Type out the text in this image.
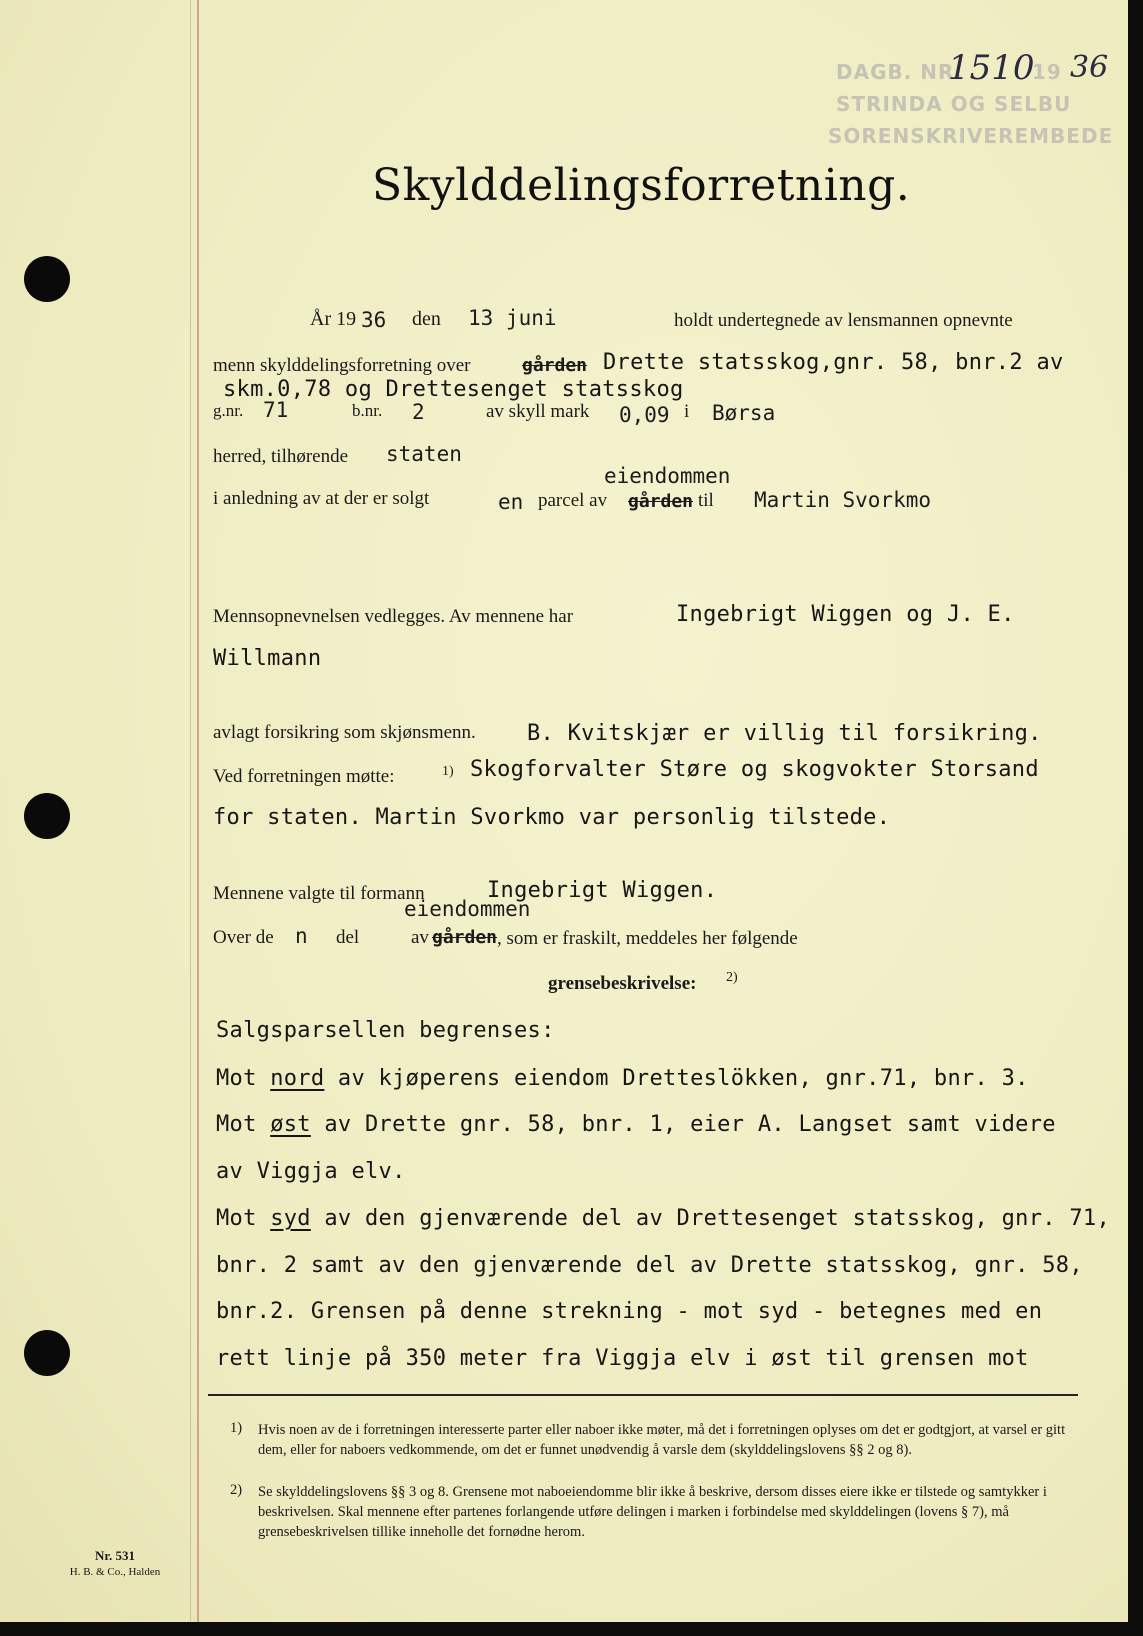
DAGB. NR.
1510
19 36
STRINDA OG SELBU
SORENSKRIVEREMBEDE
Skylddelingsforretning.
År 19 36 den 13 juni	holdt undertegnede av lensmannen opnevnte
menn skylddelingsforretning over	gården Drette statsskog,gnr. 58, bnr.2 av
skm.0,78 og Drettesenget statsskog
g.nr. 71	b.nr. 2	av skyll mark 0,09 i Børsa
herred, tilhørende staten
eiendommen
i anledning av at der er solgt	en parcel av gården til Martin Svorkmo
Mennsopnevnelsen vedlegges. Av mennene har	Ingebrigt Wiggen og J. E.
Willmann
avlagt forsikring som skjønsmenn. B. Kvitskjær er villig til forsikring.
Ved forretningen møtte:	1) Skogforvalter Støre og skogvokter Storsand
for staten. Martin Svorkmo var personlig tilstede.
Mennene valgte til formann	Ingebrigt Wiggen.
eiendommen
Over de n del	av gården , som er fraskilt, meddeles her følgende
grensebeskrivelse: 2)
Salgsparsellen begrenses:
Mot nord av kjøperens eiendom Dretteslökken, gnr.71, bnr. 3.
Mot øst av Drette gnr. 58, bnr. 1, eier A. Langset samt videre
av Viggja elv.
Mot syd av den gjenværende del av Drettesenget statsskog, gnr. 71,
bnr. 2 samt av den gjenværende del av Drette statsskog, gnr. 58,
bnr.2. Grensen på denne strekning - mot syd - betegnes med en
rett linje på 350 meter fra Viggja elv i øst til grensen mot
1) Hvis noen av de i forretningen interesserte parter eller naboer ikke møter, må det i forretningen oplyses om det er godtgjort, at varsel er gitt dem, eller for naboers vedkommende, om det er funnet unødvendig å varsle dem (skylddelingslovens §§ 2 og 8).
2) Se skylddelingslovens §§ 3 og 8. Grensene mot naboeiendomme blir ikke å beskrive, dersom disses eiere ikke er tilstede og samtykker i beskrivelsen. Skal mennene efter partenes forlangende utføre delingen i marken i forbindelse med skylddelingen (lovens § 7), må grensebeskrivelsen tillike inneholle det fornødne herom.
Nr. 531
H. B. & Co., Halden
